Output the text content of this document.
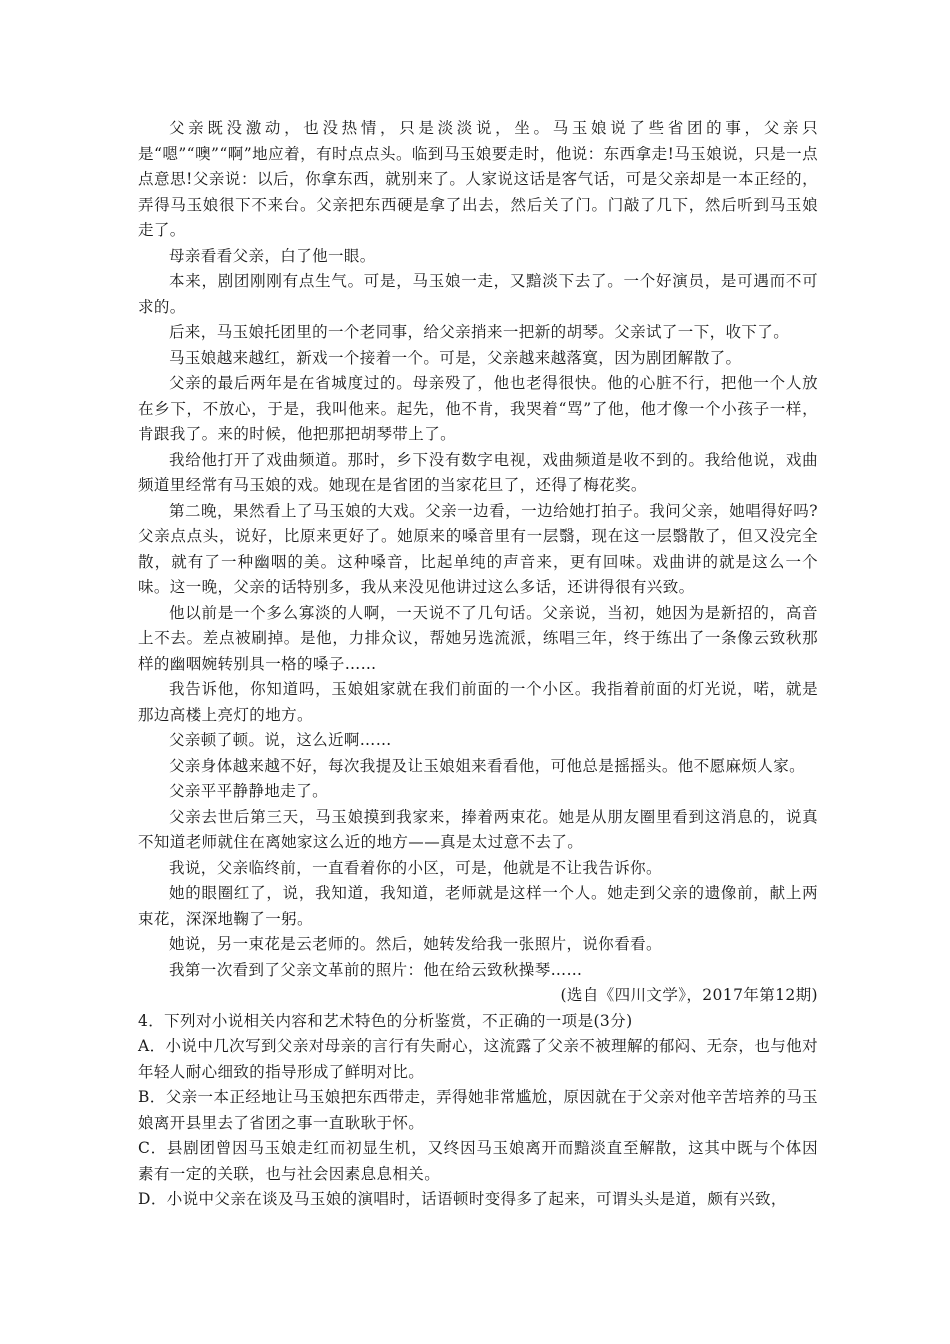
父亲既没激动，也没热情，只是淡淡说，坐。马玉娘说了些省团的事，父亲只是“嗯”“噢”“啊”地应着，有时点点头。临到马玉娘要走时，他说：东西拿走!马玉娘说，只是一点点意思!父亲说：以后，你拿东西，就别来了。人家说这话是客气话，可是父亲却是一本正经的，弄得马玉娘很下不来台。父亲把东西硬是拿了出去，然后关了门。门敲了几下，然后听到马玉娘走了。

母亲看看父亲，白了他一眼。

本来，剧团刚刚有点生气。可是，马玉娘一走，又黯淡下去了。一个好演员，是可遇而不可求的。

后来，马玉娘托团里的一个老同事，给父亲捎来一把新的胡琴。父亲试了一下，收下了。

马玉娘越来越红，新戏一个接着一个。可是，父亲越来越落寞，因为剧团解散了。

父亲的最后两年是在省城度过的。母亲殁了，他也老得很快。他的心脏不行，把他一个人放在乡下，不放心，于是，我叫他来。起先，他不肯，我哭着“骂”了他，他才像一个小孩子一样，肯跟我了。来的时候，他把那把胡琴带上了。

我给他打开了戏曲频道。那时，乡下没有数字电视，戏曲频道是收不到的。我给他说，戏曲频道里经常有马玉娘的戏。她现在是省团的当家花旦了，还得了梅花奖。

第二晚，果然看上了马玉娘的大戏。父亲一边看，一边给她打拍子。我问父亲，她唱得好吗?父亲点点头，说好，比原来更好了。她原来的嗓音里有一层翳，现在这一层翳散了，但又没完全散，就有了一种幽咽的美。这种嗓音，比起单纯的声音来，更有回味。戏曲讲的就是这么一个味。这一晚，父亲的话特别多，我从来没见他讲过这么多话，还讲得很有兴致。

他以前是一个多么寡淡的人啊，一天说不了几句话。父亲说，当初，她因为是新招的，高音上不去。差点被刷掉。是他，力排众议，帮她另选流派，练唱三年，终于练出了一条像云致秋那样的幽咽婉转别具一格的嗓子……

我告诉他，你知道吗，玉娘姐家就在我们前面的一个小区。我指着前面的灯光说，喏，就是那边高楼上亮灯的地方。

父亲顿了顿。说，这么近啊……

父亲身体越来越不好，每次我提及让玉娘姐来看看他，可他总是摇摇头。他不愿麻烦人家。

父亲平平静静地走了。

父亲去世后第三天，马玉娘摸到我家来，捧着两束花。她是从朋友圈里看到这消息的，说真不知道老师就住在离她家这么近的地方——真是太过意不去了。

我说，父亲临终前，一直看着你的小区，可是，他就是不让我告诉你。

她的眼圈红了，说，我知道，我知道，老师就是这样一个人。她走到父亲的遗像前，献上两束花，深深地鞠了一躬。

她说，另一束花是云老师的。然后，她转发给我一张照片，说你看看。

我第一次看到了父亲文革前的照片：他在给云致秋操琴……

(选自《四川文学》，2017年第12期)

4．下列对小说相关内容和艺术特色的分析鉴赏，不正确的一项是(3分)

A．小说中几次写到父亲对母亲的言行有失耐心，这流露了父亲不被理解的郁闷、无奈，也与他对年轻人耐心细致的指导形成了鲜明对比。

B．父亲一本正经地让马玉娘把东西带走，弄得她非常尴尬，原因就在于父亲对他辛苦培养的马玉娘离开县里去了省团之事一直耿耿于怀。

C．县剧团曾因马玉娘走红而初显生机，又终因马玉娘离开而黯淡直至解散，这其中既与个体因素有一定的关联，也与社会因素息息相关。

D．小说中父亲在谈及马玉娘的演唱时，话语顿时变得多了起来，可谓头头是道，颇有兴致，
